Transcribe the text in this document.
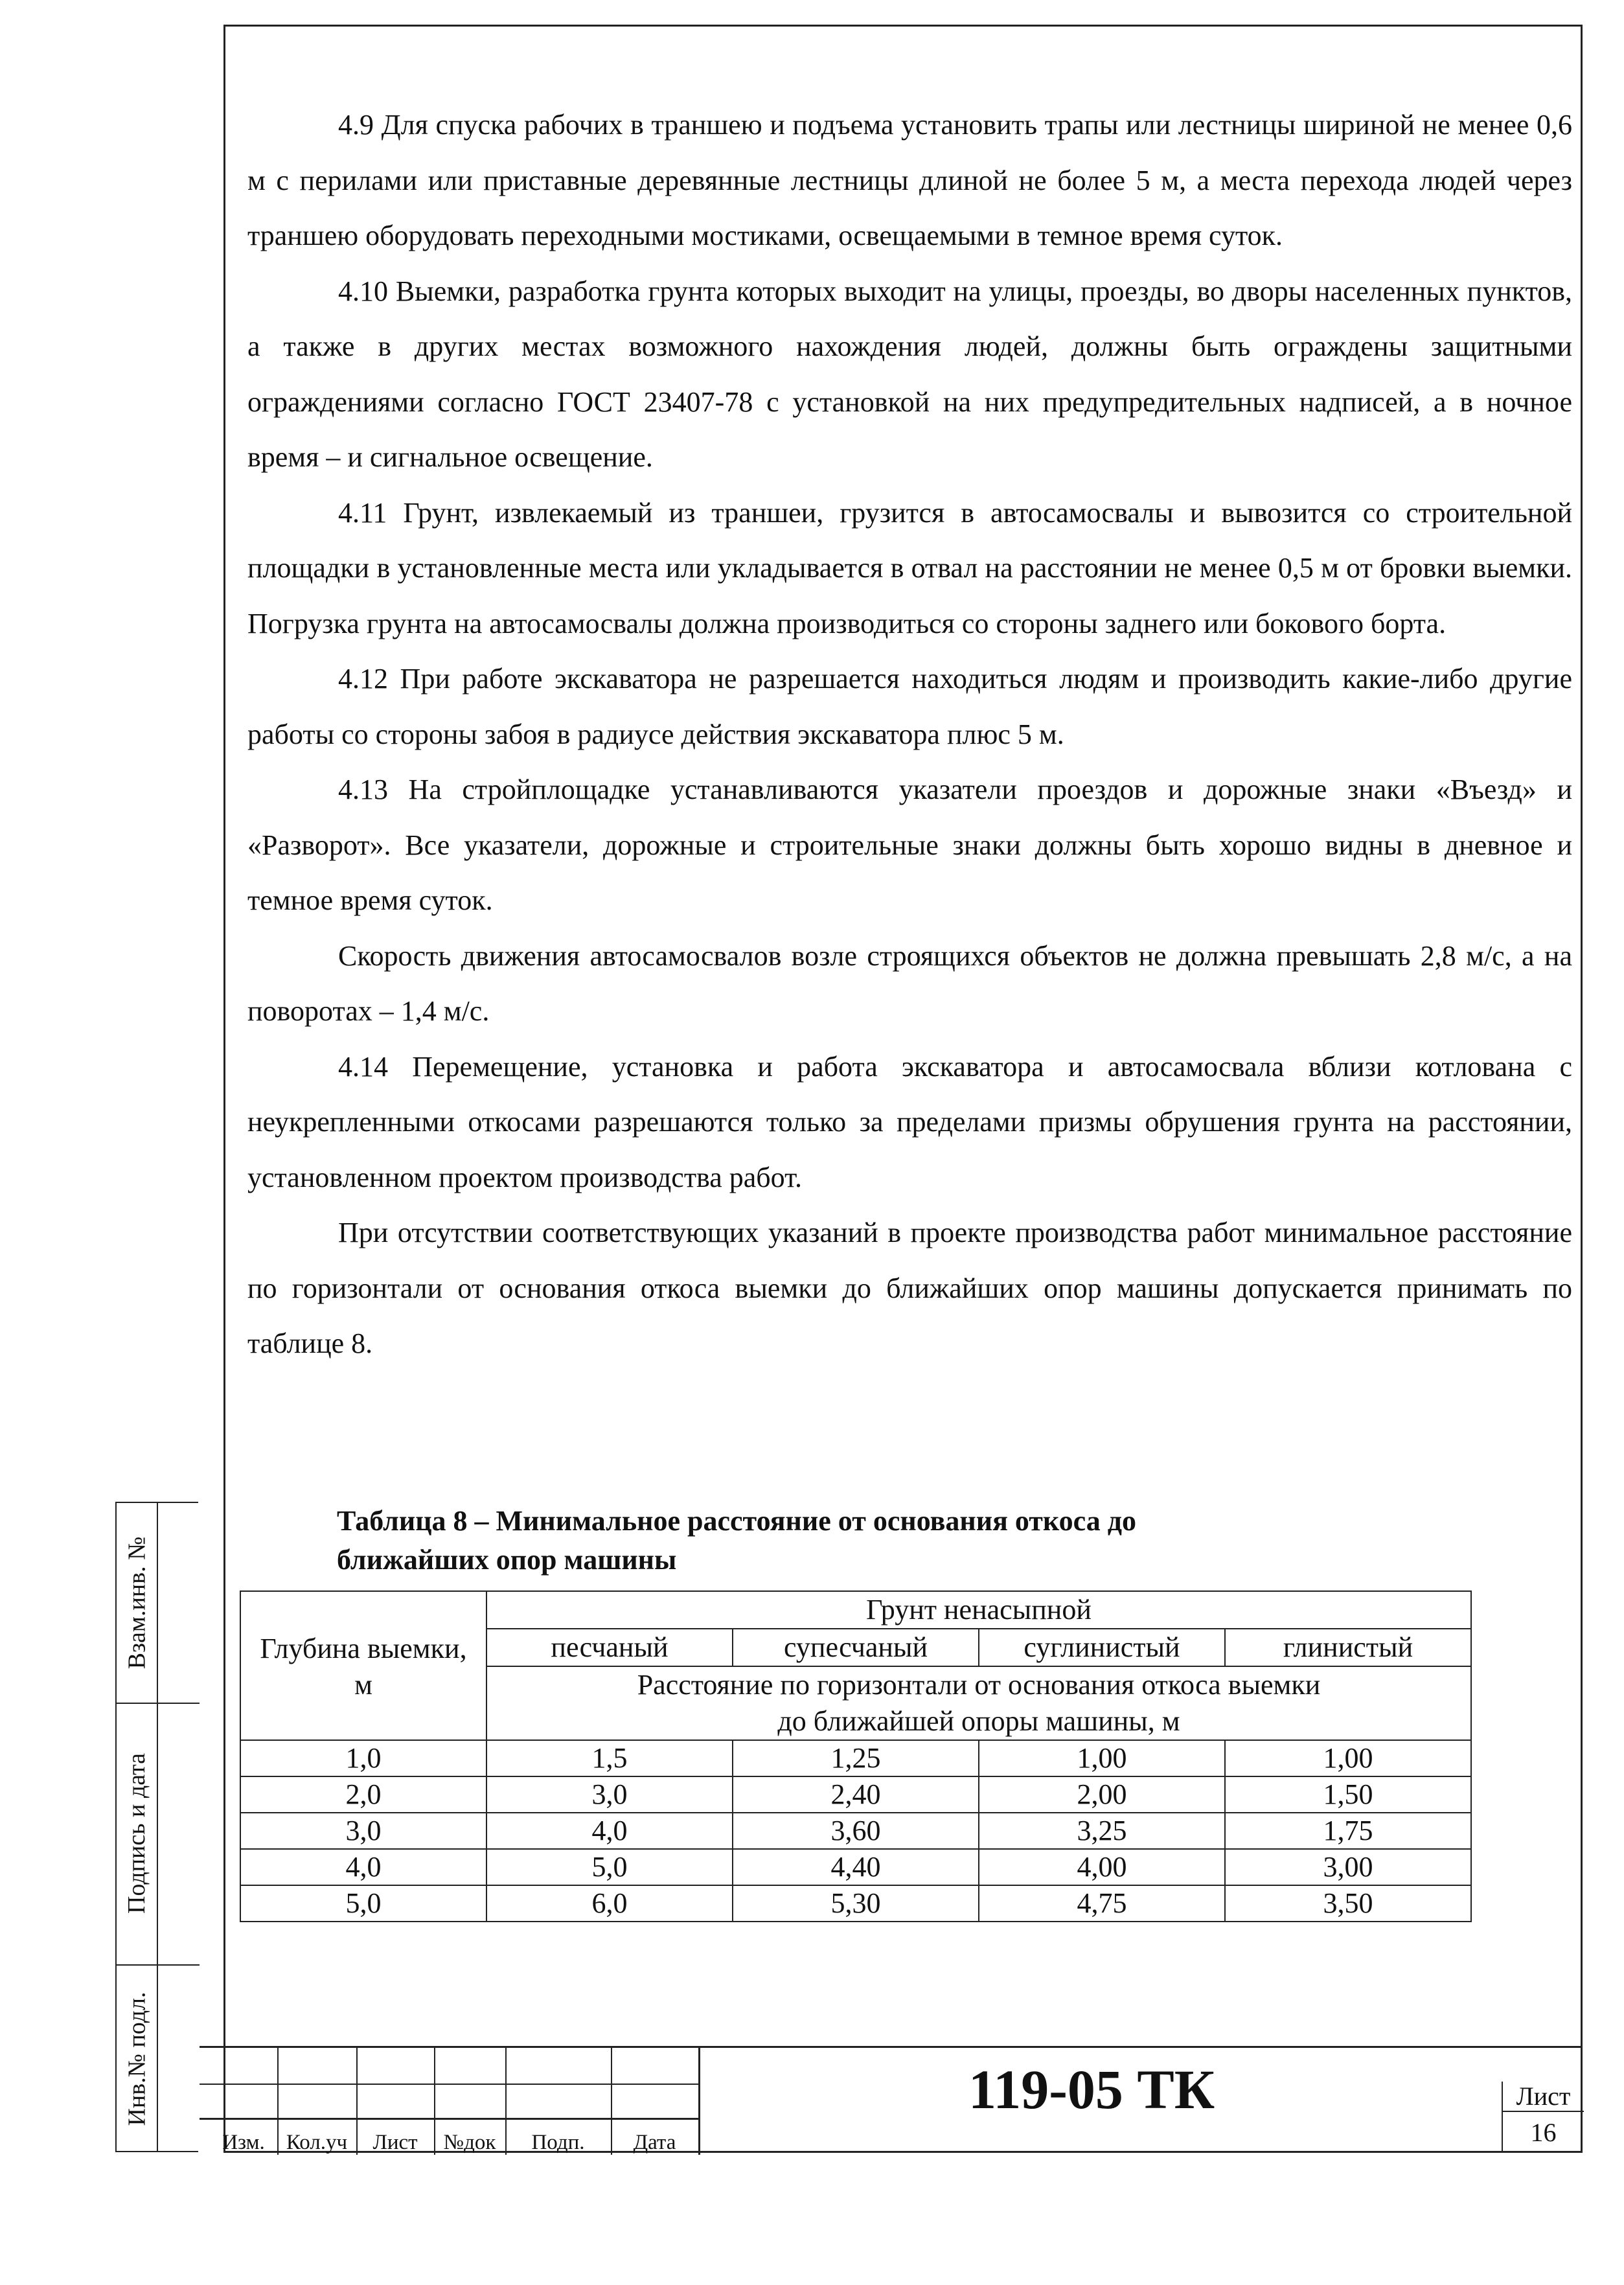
4.9 Для спуска рабочих в траншею и подъема установить трапы или лестницы шириной не менее 0,6 м с перилами или приставные деревянные лестницы длиной не более 5 м, а места перехода людей через траншею оборудовать переходными мостиками, освещаемыми в темное время суток.

4.10 Выемки, разработка грунта которых выходит на улицы, проезды, во дворы населенных пунктов, а также в других местах возможного нахождения людей, должны быть ограждены защитными ограждениями согласно ГОСТ 23407-78 с установкой на них предупредительных надписей, а в ночное время – и сигнальное освещение.

4.11 Грунт, извлекаемый из траншеи, грузится в автосамосвалы и вывозится со строительной площадки в установленные места или укладывается в отвал на расстоянии не менее 0,5 м от бровки выемки. Погрузка грунта на автосамосвалы должна производиться со стороны заднего или бокового борта.

4.12 При работе экскаватора не разрешается находиться людям и производить какие-либо другие работы со стороны забоя в радиусе действия экскаватора плюс 5 м.

4.13 На стройплощадке устанавливаются указатели проездов и дорожные знаки «Въезд» и «Разворот». Все указатели, дорожные и строительные знаки должны быть хорошо видны в дневное и темное время суток.

Скорость движения автосамосвалов возле строящихся объектов не должна превышать 2,8 м/с, а на поворотах – 1,4 м/с.

4.14 Перемещение, установка и работа экскаватора и автосамосвала вблизи котлована с неукрепленными откосами разрешаются только за пределами призмы обрушения грунта на расстоянии, установленном проектом производства работ.

При отсутствии соответствующих указаний в проекте производства работ минимальное расстояние по горизонтали от основания откоса выемки до ближайших опор машины допускается принимать по таблице 8.

Таблица 8 – Минимальное расстояние от основания откоса до
ближайших опор машины
Глубина выемки,
м	Грунт ненасыпной			
	песчаный	супесчаный	суглинистый	глинистый
	Расстояние по горизонтали от основания откоса выемки			
	до ближайшей опоры машины, м			
1,0	1,5	1,25	1,00	1,00
2,0	3,0	2,40	2,00	1,50
3,0	4,0	3,60	3,25	1,75
4,0	5,0	4,40	4,00	3,00
5,0	6,0	5,30	4,75	3,50
Взам.инв. №
Подпись и дата
Инв.№ подл.
Изм.	Кол.уч	Лист	№док	Подп.	Дата
119-05 ТК	Лист
16
